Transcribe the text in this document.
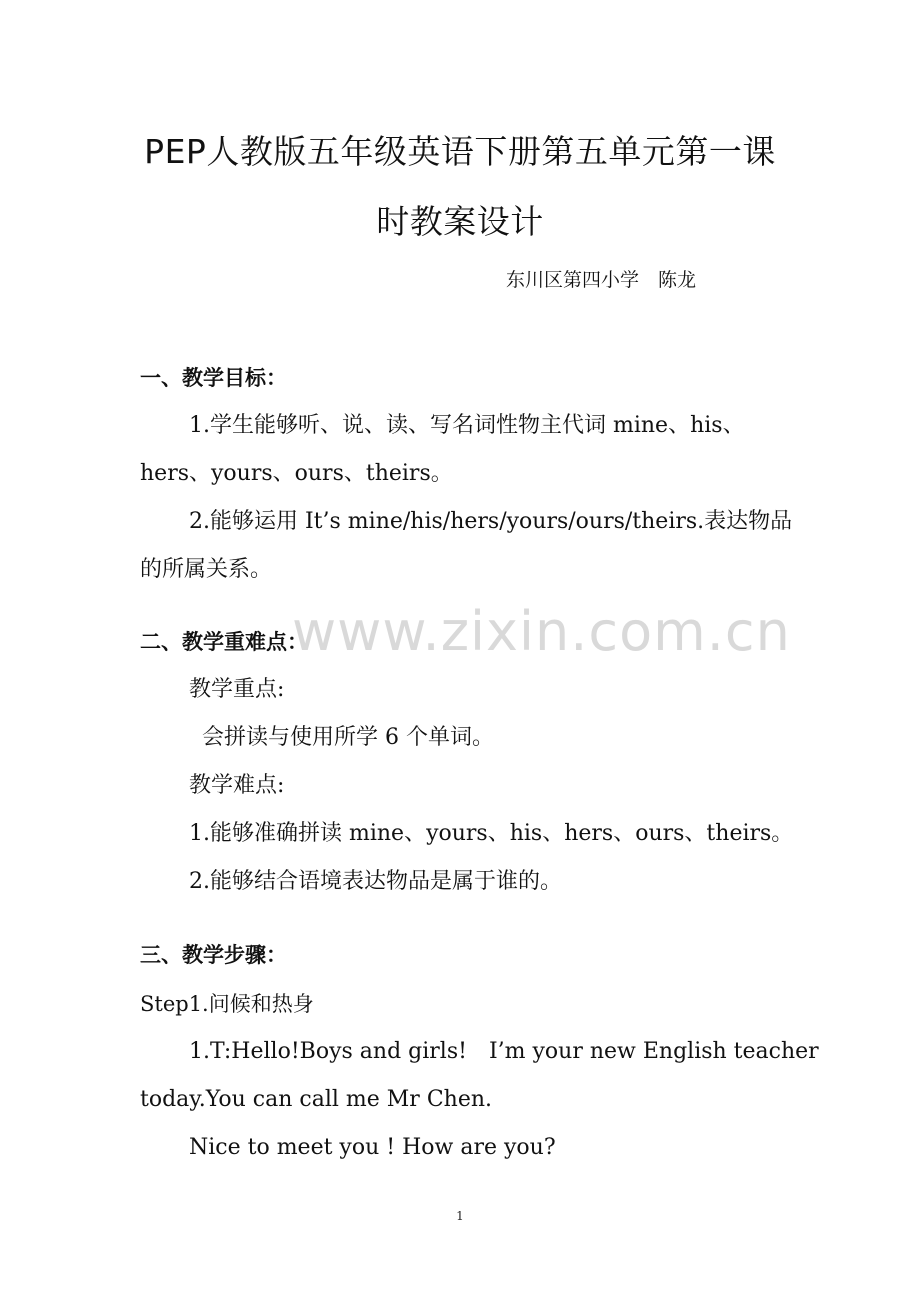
PEP人教版五年级英语下册第五单元第一课
时教案设计
东川区第四小学　陈龙
一、教学目标：
1.学生能够听、说、读、写名词性物主代词 mine、his、
hers、yours、ours、theirs。
2.能够运用 It’s mine/his/hers/yours/ours/theirs.表达物品
的所属关系。
www.zixin.com.cn
二、教学重难点：
教学重点:
会拼读与使用所学 6 个单词。
教学难点:
1.能够准确拼读 mine、yours、his、hers、ours、theirs。
2.能够结合语境表达物品是属于谁的。
三、教学步骤：
Step1.问候和热身
1.T:Hello!Boys and girls!　I’m your new English teacher
today.You can call me Mr Chen.
Nice to meet you ! How are you?
1
